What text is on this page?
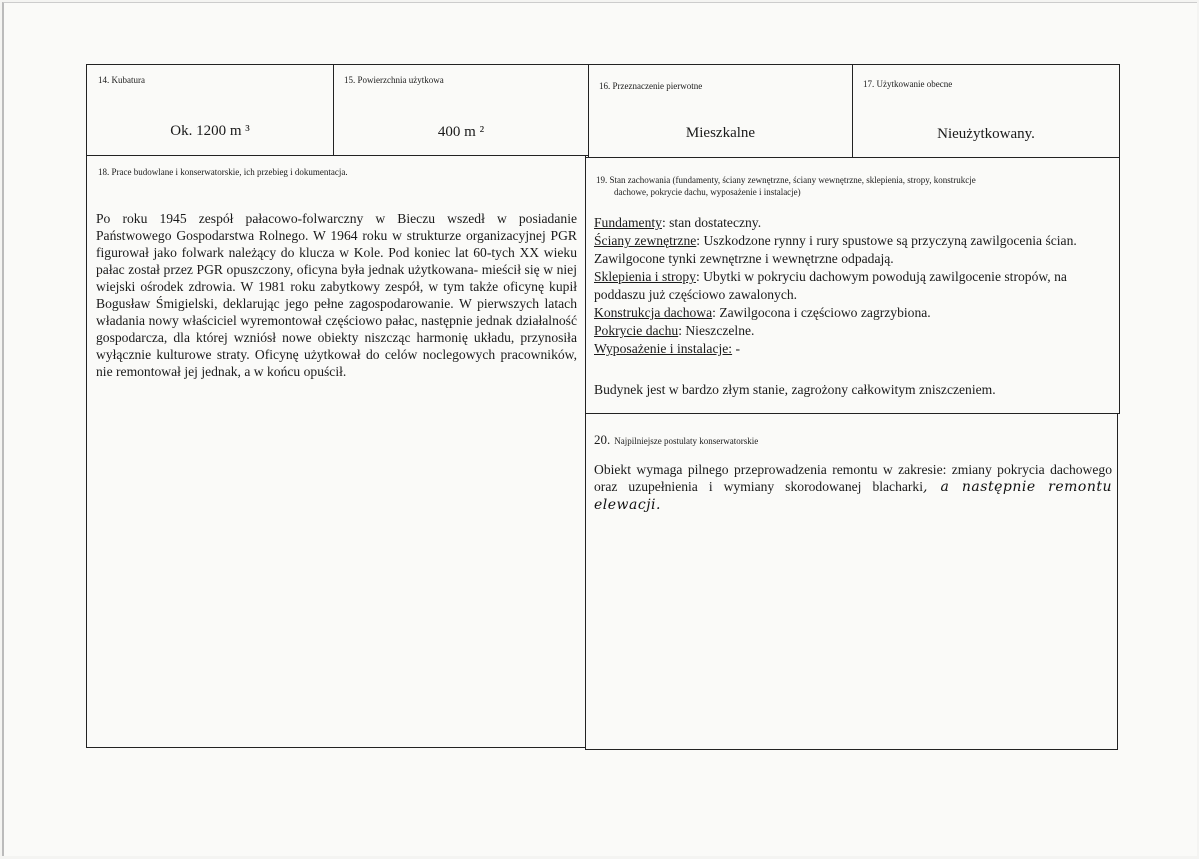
14. Kubatura
Ok. 1200 m ³
15. Powierzchnia użytkowa
400 m ²
16. Przeznaczenie pierwotne
Mieszkalne
17. Użytkowanie obecne
Nieużytkowany.
18. Prace budowlane i konserwatorskie, ich przebieg i dokumentacja.

Po roku 1945 zespół pałacowo-folwarczny w Bieczu wszedł w posiadanie Państwowego Gospodarstwa Rolnego. W 1964 roku w strukturze organizacyjnej PGR figurował jako folwark należący do klucza w Kole. Pod koniec lat 60-tych XX wieku pałac został przez PGR opuszczony, oficyna była jednak użytkowana- mieścił się w niej wiejski ośrodek zdrowia. W 1981 roku zabytkowy zespół, w tym także oficynę kupił Bogusław Śmigielski, deklarując jego pełne zagospodarowanie. W pierwszych latach władania nowy właściciel wyremontował częściowo pałac, następnie jednak działalność gospodarcza, dla której wzniósł nowe obiekty niszcząc harmonię układu, przynosiła wyłącznie kulturowe straty. Oficynę użytkował do celów noclegowych pracowników, nie remontował jej jednak, a w końcu opuścił.

19. Stan zachowania (fundamenty, ściany zewnętrzne, ściany wewnętrzne, sklepienia, stropy, konstrukcje
dachowe, pokrycie dachu, wyposażenie i instalacje)

Fundamenty: stan dostateczny.

Ściany zewnętrzne: Uszkodzone rynny i rury spustowe są przyczyną zawilgocenia ścian. Zawilgocone tynki zewnętrzne i wewnętrzne odpadają.

Sklepienia i stropy: Ubytki w pokryciu dachowym powodują zawilgocenie stropów, na poddaszu już częściowo zawalonych.

Konstrukcja dachowa: Zawilgocona i częściowo zagrzybiona.

Pokrycie dachu: Nieszczelne.

Wyposażenie i instalacje: -

Budynek jest w bardzo złym stanie, zagrożony całkowitym zniszczeniem.
20. Najpilniejsze postulaty konserwatorskie
Obiekt wymaga pilnego przeprowadzenia remontu w zakresie: zmiany pokrycia dachowego oraz uzupełnienia i wymiany skorodowanej blacharki, a następnie remontu elewacji.
